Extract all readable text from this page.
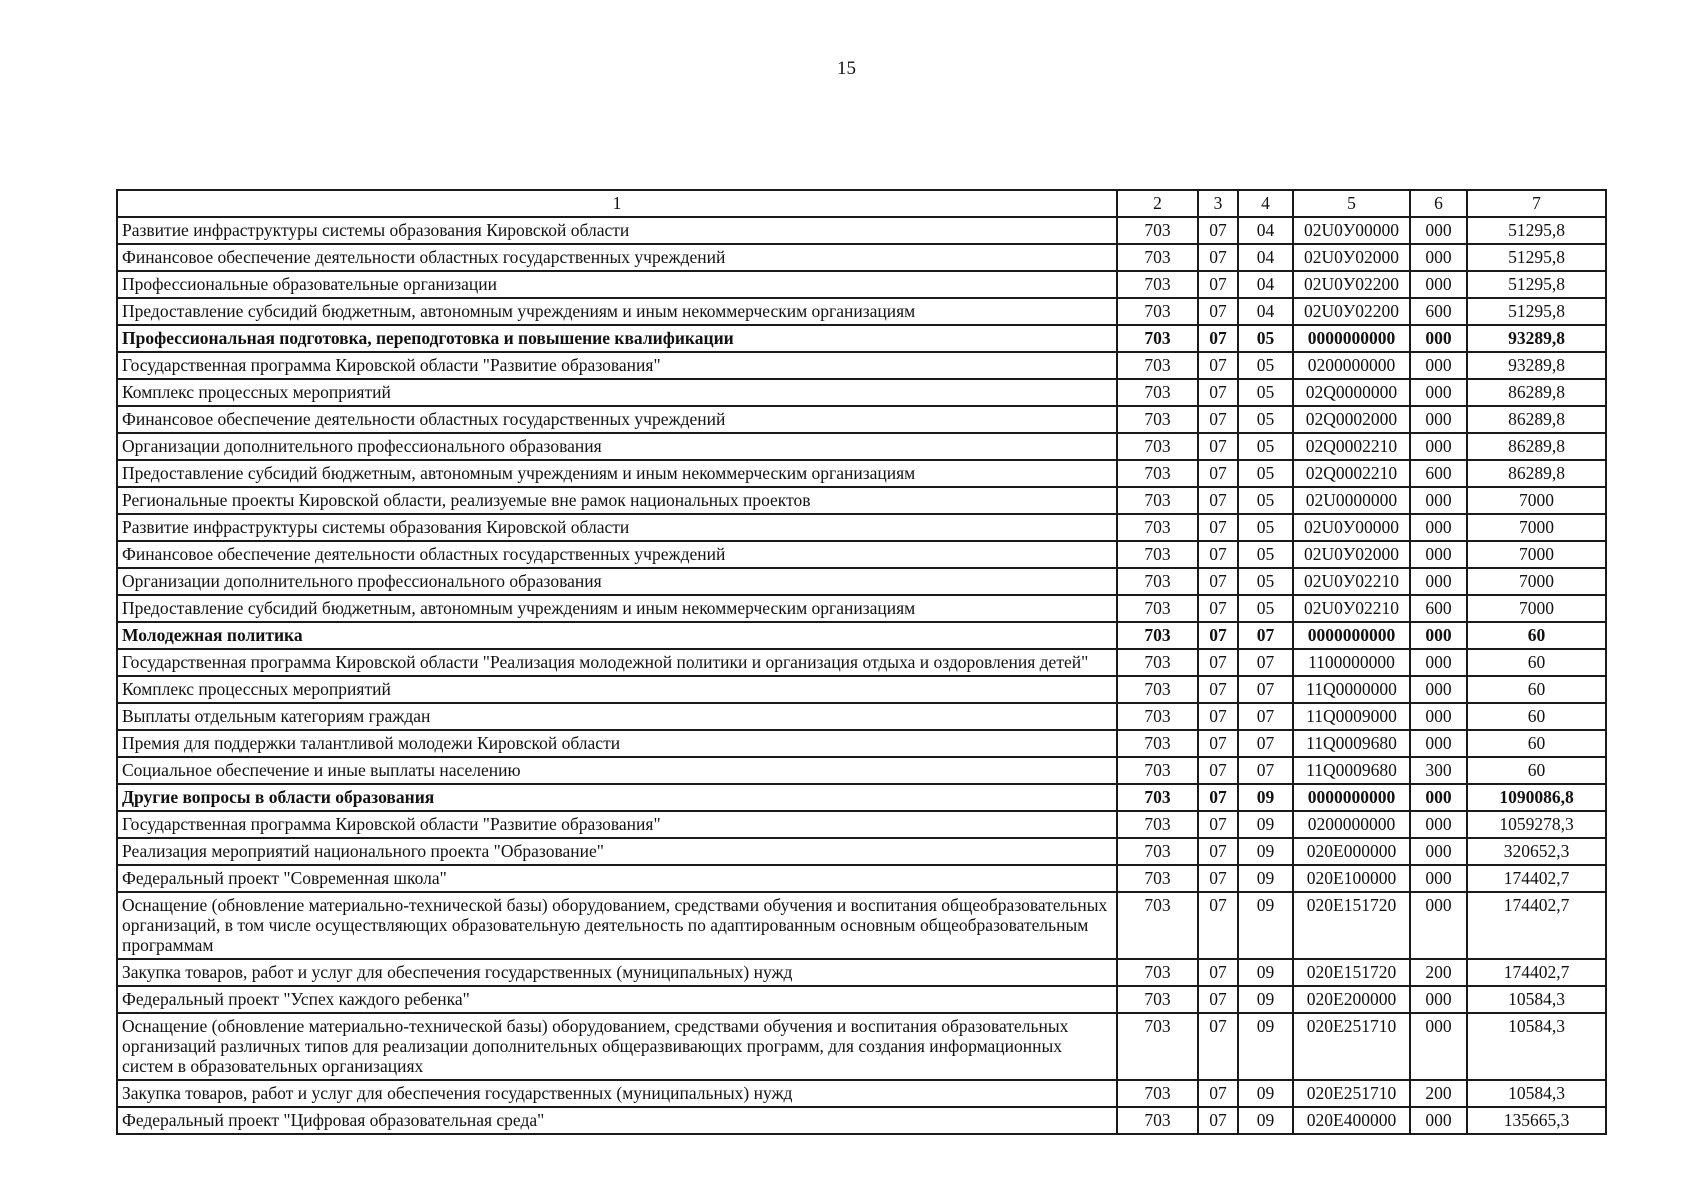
15
1	2	3	4	5	6	7
Развитие инфраструктуры системы образования Кировской области	703	07	04	02U0У00000	000	51295,8
Финансовое обеспечение деятельности областных государственных учреждений	703	07	04	02U0У02000	000	51295,8
Профессиональные образовательные организации	703	07	04	02U0У02200	000	51295,8
Предоставление субсидий бюджетным, автономным учреждениям и иным некоммерческим организациям	703	07	04	02U0У02200	600	51295,8
Профессиональная подготовка, переподготовка и повышение квалификации	703	07	05	0000000000	000	93289,8
Государственная программа Кировской области "Развитие образования"	703	07	05	0200000000	000	93289,8
Комплекс процессных мероприятий	703	07	05	02Q0000000	000	86289,8
Финансовое обеспечение деятельности областных государственных учреждений	703	07	05	02Q0002000	000	86289,8
Организации дополнительного профессионального образования	703	07	05	02Q0002210	000	86289,8
Предоставление субсидий бюджетным, автономным учреждениям и иным некоммерческим организациям	703	07	05	02Q0002210	600	86289,8
Региональные проекты Кировской области, реализуемые вне рамок национальных проектов	703	07	05	02U0000000	000	7000
Развитие инфраструктуры системы образования Кировской области	703	07	05	02U0У00000	000	7000
Финансовое обеспечение деятельности областных государственных учреждений	703	07	05	02U0У02000	000	7000
Организации дополнительного профессионального образования	703	07	05	02U0У02210	000	7000
Предоставление субсидий бюджетным, автономным учреждениям и иным некоммерческим организациям	703	07	05	02U0У02210	600	7000
Молодежная политика	703	07	07	0000000000	000	60
Государственная программа Кировской области "Реализация молодежной политики и организация отдыха и оздоровления детей"	703	07	07	1100000000	000	60
Комплекс процессных мероприятий	703	07	07	11Q0000000	000	60
Выплаты отдельным категориям граждан	703	07	07	11Q0009000	000	60
Премия для поддержки талантливой молодежи Кировской области	703	07	07	11Q0009680	000	60
Социальное обеспечение и иные выплаты населению	703	07	07	11Q0009680	300	60
Другие вопросы в области образования	703	07	09	0000000000	000	1090086,8
Государственная программа Кировской области "Развитие образования"	703	07	09	0200000000	000	1059278,3
Реализация мероприятий национального проекта "Образование"	703	07	09	020E000000	000	320652,3
Федеральный проект "Современная школа"	703	07	09	020E100000	000	174402,7
Оснащение (обновление материально-технической базы) оборудованием, средствами обучения и воспитания общеобразовательных организаций, в том числе осуществляющих образовательную деятельность по адаптированным основным общеобразовательным программам	703	07	09	020E151720	000	174402,7
Закупка товаров, работ и услуг для обеспечения государственных (муниципальных) нужд	703	07	09	020E151720	200	174402,7
Федеральный проект "Успех каждого ребенка"	703	07	09	020E200000	000	10584,3
Оснащение (обновление материально-технической базы) оборудованием, средствами обучения и воспитания образовательных организаций различных типов для реализации дополнительных общеразвивающих программ, для создания информационных систем в образовательных организациях	703	07	09	020E251710	000	10584,3
Закупка товаров, работ и услуг для обеспечения государственных (муниципальных) нужд	703	07	09	020E251710	200	10584,3
Федеральный проект "Цифровая образовательная среда"	703	07	09	020E400000	000	135665,3
